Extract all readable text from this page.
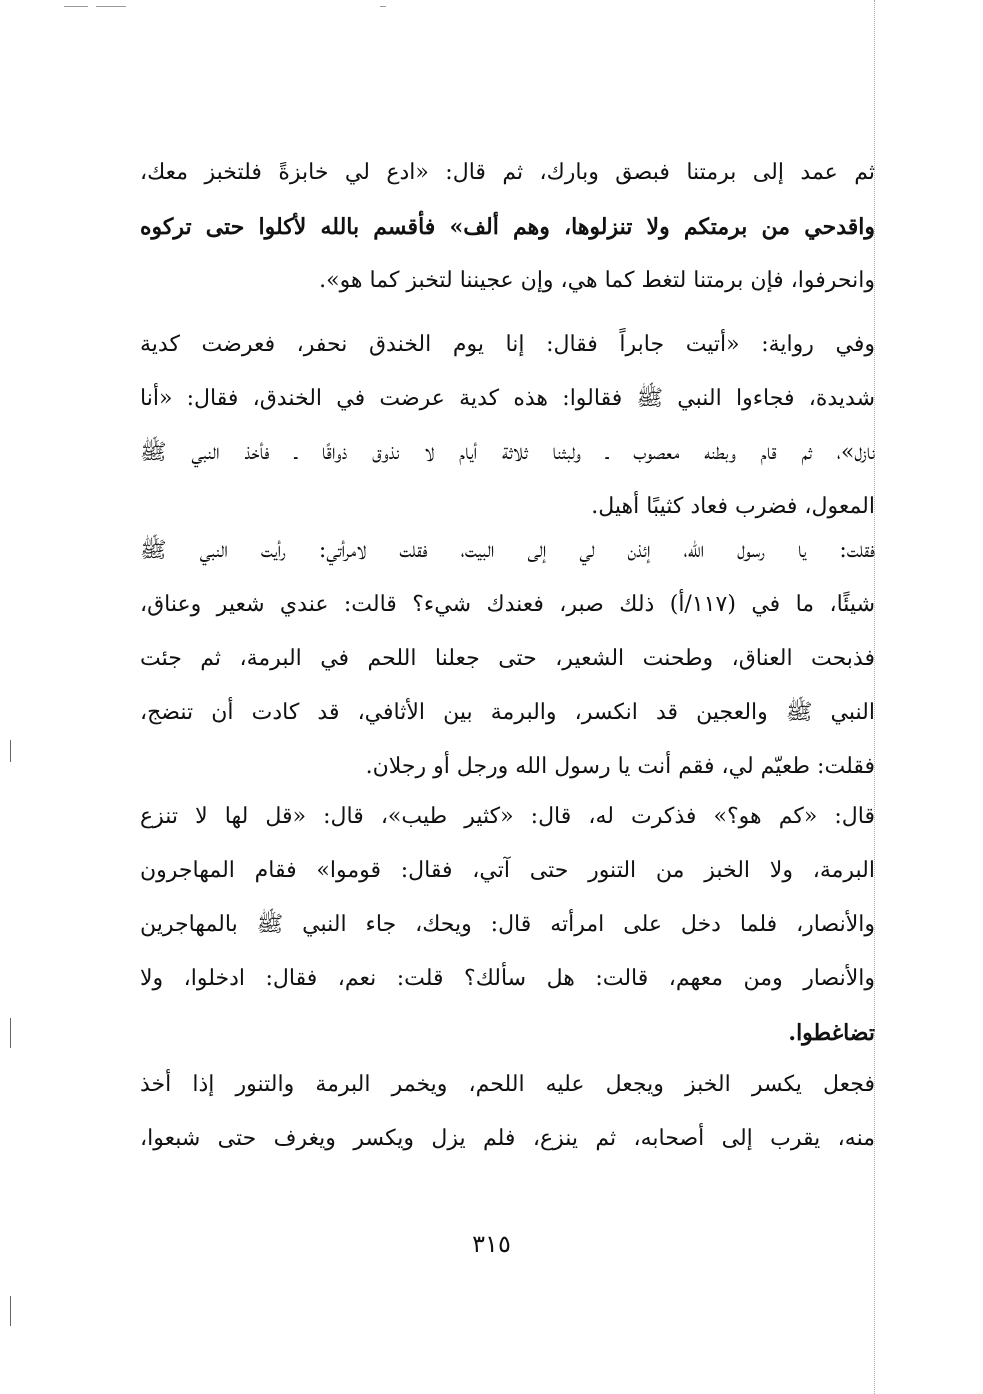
ثم عمد إلى برمتنا فبصق وبارك، ثم قال: «ادع لي خابزةً فلتخبز معك،

واقدحي من برمتكم ولا تنزلوها، وهم ألف» فأقسم بالله لأكلوا حتى تركوه

وانحرفوا، فإن برمتنا لتغط كما هي، وإن عجيننا لتخبز كما هو».

وفي رواية: «أتيت جابراً فقال: إنا يوم الخندق نحفر، فعرضت كدية

شديدة، فجاءوا النبي ﷺ فقالوا: هذه كدية عرضت في الخندق، فقال: «أنا

نازل»، ثم قام وبطنه معصوب ـ ولبثنا ثلاثة أيام لا نذوق ذواقًا ـ فأخذ النبي ﷺ

المعول، فضرب فعاد كثيبًا أهيل.

فقلت: يا رسول الله، إئذن لي إلى البيت، فقلت لامرأتي: رأيت النبي ﷺ

شيئًا، ما في (١١٧/أ) ذلك صبر، فعندك شيء؟ قالت: عندي شعير وعناق،

فذبحت العناق، وطحنت الشعير، حتى جعلنا اللحم في البرمة، ثم جئت

النبي ﷺ والعجين قد انكسر، والبرمة بين الأثافي، قد كادت أن تنضج،

فقلت: طعيّم لي، فقم أنت يا رسول الله ورجل أو رجلان.

قال: «كم هو؟» فذكرت له، قال: «كثير طيب»، قال: «قل لها لا تنزع

البرمة، ولا الخبز من التنور حتى آتي، فقال: قوموا» فقام المهاجرون

والأنصار، فلما دخل على امرأته قال: ويحك، جاء النبي ﷺ بالمهاجرين

والأنصار ومن معهم، قالت: هل سألك؟ قلت: نعم، فقال: ادخلوا، ولا

تضاغطوا.

فجعل يكسر الخبز ويجعل عليه اللحم، ويخمر البرمة والتنور إذا أخذ

منه، يقرب إلى أصحابه، ثم ينزع، فلم يزل ويكسر ويغرف حتى شبعوا،

٣١٥
